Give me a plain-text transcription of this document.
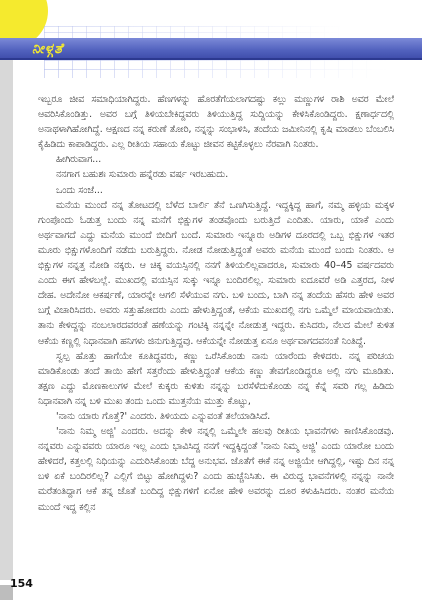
ನೀಳ್ಗತೆ

ಇಬ್ಬರೂ ಜೀವ ಸಮಾಧಿಯಾಗಿದ್ದರು. ಹೆಣಗಳನ್ನು ಹೊರತೆಗೆಯಲಾಗದಷ್ಟು ಕಲ್ಲು ಮಣ್ಣುಗಳ ರಾಶಿ ಅವರ ಮೇಲೆ ಆವರಿಸಿಕೊಂಡಿತ್ತು. ಅವರ ಬಗ್ಗೆ ತಿಳಿಯಬೇಕಿದ್ದವರು ತಿಳಿಯುತ್ತಿದ್ದ ಸುದ್ದಿಯನ್ನು ಕೇಳಿಸಿಕೊಂಡಿದ್ದರು. ಕ್ಷಣಾರ್ಧದಲ್ಲಿ ಅನಾಥಳಾಗಿಹೋಗಿದ್ದೆ. ಆಕ್ಷಣದ ನನ್ನ ಕರುಣೆ ತೋರಿ, ನನ್ನನ್ನು ಸಂಭಾಳಿಸಿ, ತಂದೆಯ ಜಮೀನಿನಲ್ಲಿ ಕೃಷಿ ಮಾಡಲು ಬೆಂಬಲಿಸಿ ಕೈಹಿಡಿದು ಕಾಪಾಡಿದ್ದರು. ಎಲ್ಲ ರೀತಿಯ ಸಹಾಯ ಕೊಟ್ಟು ಜೀವನ ಕಟ್ಟಿಕೊಳ್ಳಲು ನೆರವಾಗಿ ನಿಂತರು.

ಹೀಗಿರುವಾಗ...

ನನಗಾಗ ಬಹುಶಃ ಸುಮಾರು ಹನ್ನೆರಡು ವರ್ಷ ಇರಬಹುದು.

ಒಂದು ಸಂಜೆ...

ಮನೆಯ ಮುಂದೆ ನನ್ನ ತೋಟದಲ್ಲಿ ಬೆಳೆದ ಬಾರ್ಲಿ ತೆನೆ ಒಣಗಿಸುತ್ತಿದ್ದೆ. ಇದ್ದಕ್ಕಿದ್ದ ಹಾಗೆ, ನಮ್ಮ ಹಳ್ಳಿಯ ಮಕ್ಕಳ ಗುಂಪೊಂದು ಓಡುತ್ತ ಬಂದು ನನ್ನ ಮನೆಗೆ ಭಿಕ್ಷುಗಳ ತಂಡವೊಂದು ಬರುತ್ತಿದೆ ಎಂದಿತು. ಯಾರು, ಯಾಕೆ ಎಂದು ಅರ್ಥವಾಗದೆ ಎದ್ದು ಮನೆಯ ಮುಂದೆ ಬೀದಿಗೆ ಬಂದೆ. ಸುಮಾರು ಇನ್ನೂರು ಅಡಿಗಳ ದೂರದಲ್ಲಿ ಒಬ್ಬ ಭಿಕ್ಷುಗಳ ಇತರ ಮೂರು ಭಿಕ್ಷುಗಳೊಂದಿಗೆ ನಡೆದು ಬರುತ್ತಿದ್ದರು. ನೋಡ ನೋಡುತ್ತಿದ್ದಂತೆ ಅವರು ಮನೆಯ ಮುಂದೆ ಬಂದು ನಿಂತರು. ಆ ಭಿಕ್ಷುಗಳ ನನ್ನತ್ತ ನೋಡಿ ನಕ್ಕರು. ಆ ಚಿಕ್ಕ ವಯಸ್ಸಿನಲ್ಲಿ ನನಗೆ ತಿಳಿಯಲಿಲ್ಲವಾದರೂ, ಸುಮಾರು 40–45 ವರ್ಷದವರು ಎಂದು ಈಗ ಹೇಳಬಲ್ಲೆ. ಮುಖದಲ್ಲಿ ವಯಸ್ಸಿನ ಸುಕ್ಕು ಇನ್ನೂ ಬಂದಿರಲಿಲ್ಲ. ಸುಮಾರು ಐದೂವರೆ ಅಡಿ ಎತ್ತರದ, ನೀಳ ದೇಹ. ಅದೇನೋ ಆಕರ್ಷಣೆ, ಯಾರನ್ನೇ ಆಗಲಿ ಸೆಳೆಯುವ ನಗು. ಬಳಿ ಬಂದು, ಬಾಗಿ ನನ್ನ ತಂದೆಯ ಹೆಸರು ಹೇಳಿ ಅವರ ಬಗ್ಗೆ ವಿಚಾರಿಸಿದರು. ಅವರು ಸತ್ತುಹೋದರು ಎಂದು ಹೇಳುತ್ತಿದ್ದಂತೆ, ಆಕೆಯ ಮುಖದಲ್ಲಿ ನಗು ಒಮ್ಮೆಲೆ ಮಾಯವಾಯಿತು. ತಾನು ಕೇಳಿದ್ದನ್ನು ನಂಬಲಾರದವರಂತೆ ಹಣೆಯನ್ನು ಗಂಟಿಕ್ಕಿ ನನ್ನನ್ನೇ ನೋಡುತ್ತ ಇದ್ದರು. ಕುಸಿದರು, ನೆಲದ ಮೇಲೆ ಕುಳಿತ ಆಕೆಯ ಕಣ್ಣಲ್ಲಿ ನಿಧಾನವಾಗಿ ಹನಿಗಳು ಜಿನುಗುತ್ತಿದ್ದವು. ಆಕೆಯನ್ನೇ ನೋಡುತ್ತ ಏನೂ ಅರ್ಥವಾಗದವನಂತೆ ನಿಂತಿದ್ದೆ.

ಸ್ವಲ್ಪ ಹೊತ್ತು ಹಾಗೆಯೇ ಕೂತಿದ್ದವರು, ಕಣ್ಣು ಒರೆಸಿಕೊಂಡು ನಾನು ಯಾರೆಂದು ಕೇಳಿದರು. ನನ್ನ ಪರಿಚಯ ಮಾಡಿಕೊಂಡು ತಂದೆ ತಾಯಿ ಹೇಗೆ ಸತ್ತರೆಂದು ಹೇಳುತ್ತಿದ್ದಂತೆ ಆಕೆಯ ಕಣ್ಣು ತೇವಗೊಂಡಿದ್ದರೂ ಅಲ್ಲಿ ನಗು ಮೂಡಿತು. ತಕ್ಷಣ ಎದ್ದು ಮೊಣಕಾಲುಗಳ ಮೇಲೆ ಕುಕ್ಕರು ಕುಳಿತು ನನ್ನನ್ನು ಬರಸೆಳೆದುಕೊಂಡು ನನ್ನ ಕೆನ್ನೆ ಸವರಿ ಗಲ್ಲ ಹಿಡಿದು ನಿಧಾನವಾಗಿ ನನ್ನ ಬಳಿ ಮುಖ ತಂದು ಒಂದು ಮುತ್ತನೆಯ ಮುತ್ತು ಕೊಟ್ಟು,

'ನಾನು ಯಾರು ಗೊತ್ತೆ?' ಎಂದರು. ತಿಳಿಯದು ಎನ್ನುವಂತೆ ತಲೆಯಾಡಿಸಿದೆ.

'ನಾನು ನಿಮ್ಮ ಅಜ್ಜಿ' ಎಂದರು. ಅದನ್ನು ಕೇಳಿ ನನ್ನಲ್ಲಿ ಒಮ್ಮೆಲೇ ಹಲವು ರೀತಿಯ ಭಾವನೆಗಳು ಕಾಣಿಸಿಕೊಂಡವು. ನನ್ನವರು ಎನ್ನುವವರು ಯಾರೂ ಇಲ್ಲ ಎಂದು ಭಾವಿಸಿದ್ದ ನನಗೆ ಇದ್ದಕ್ಕಿದ್ದಂತೆ 'ನಾನು ನಿಮ್ಮ ಅಜ್ಜಿ' ಎಂದು ಯಾರೋ ಬಂದು ಹೇಳಿದರೆ, ಕತ್ತಲಲ್ಲಿ ನಿಧಿಯನ್ನು ಎದುರಿಸಿಕೊಂಡು ಬೆದ್ದ ಅನುಭವ. ಜೊತೆಗೆ ಈಕೆ ನನ್ನ ಅಜ್ಜಿಯೇ ಆಗಿದ್ದಲ್ಲಿ, ಇಷ್ಟು ದಿನ ನನ್ನ ಬಳಿ ಏಕೆ ಬಂದಿರಲಿಲ್ಲ? ಎಲ್ಲಿಗೆ ಬಿಟ್ಟು ಹೋಗಿದ್ದಳು? ಎಂದು ಹುಚ್ಚೆನಿಸಿತು. ಈ ವಿರುದ್ಧ ಭಾವನೆಗಳಲ್ಲಿ ನನ್ನನ್ನು ನಾನೇ ಮರೆತಂತಿದ್ದಾಗ ಆಕೆ ತನ್ನ ಜೊತೆ ಬಂದಿದ್ದ ಭಿಕ್ಷುಗಳಿಗೆ ಏನೋ ಹೇಳಿ ಅವರನ್ನು ದೂರ ಕಳುಹಿಸಿದರು. ನಂತರ ಮನೆಯ ಮುಂದೆ ಇದ್ದ ಕಲ್ಲಿನ

154
